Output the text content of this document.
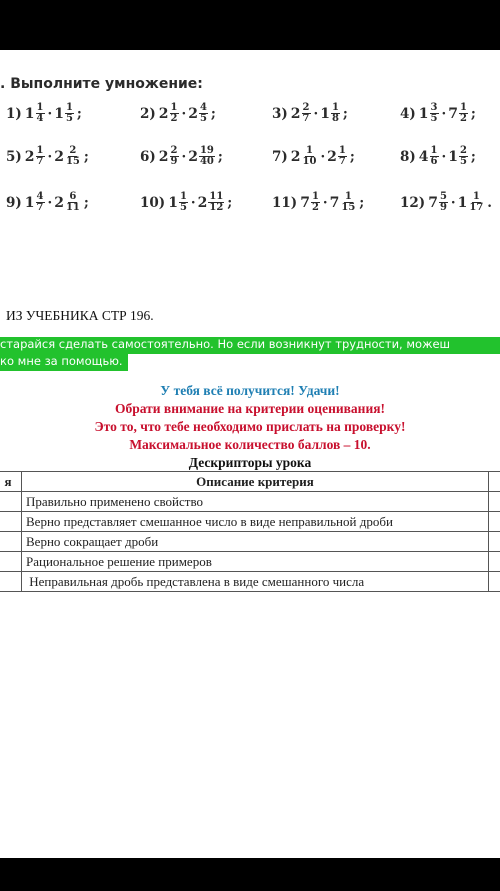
. Выполните умножение:
1) $1 \frac{1}{4} \cdot 1 \frac{1}{5}$ ;	2) $2 \frac{1}{2} \cdot 2 \frac{4}{5}$ ;	3) $2 \frac{2}{7} \cdot 1 \frac{1}{8}$ ;	4) $1 \frac{3}{5} \cdot 7 \frac{1}{2}$ ;
5) $2 \frac{1}{7} \cdot 2 \frac{2}{15}$ ;	6) $2 \frac{2}{9} \cdot 2 \frac{19}{40}$ ;	7) $2 \frac{1}{10} \cdot 2 \frac{1}{7}$ ;	8) $4 \frac{1}{6} \cdot 1 \frac{2}{5}$ ;
9) $1 \frac{4}{7} \cdot 2 \frac{6}{11}$ ;	10) $1 \frac{1}{5} \cdot 2 \frac{11}{12}$ ;	11) $7 \frac{1}{2} \cdot 7 \frac{1}{15}$ ;	12) $7 \frac{5}{9} \cdot 1 \frac{1}{17}$ .
ИЗ УЧЕБНИКА СТР 196.
старайся сделать самостоятельно. Но если возникнут трудности, можеш
ко мне за помощью.
У тебя всё получится! Удачи!
Обрати внимание на критерии оценивания!
Это то, что тебе необходимо прислать на проверку!
Максимальное количество баллов – 10.
Дескрипторы урока
я	Описание критерия	
	Правильно применено свойство	
	Верно представляет смешанное число в виде неправильной дроби	
	Верно сокращает дроби	
	Рациональное решение примеров	
	Неправильная дробь представлена в виде смешанного числа	
